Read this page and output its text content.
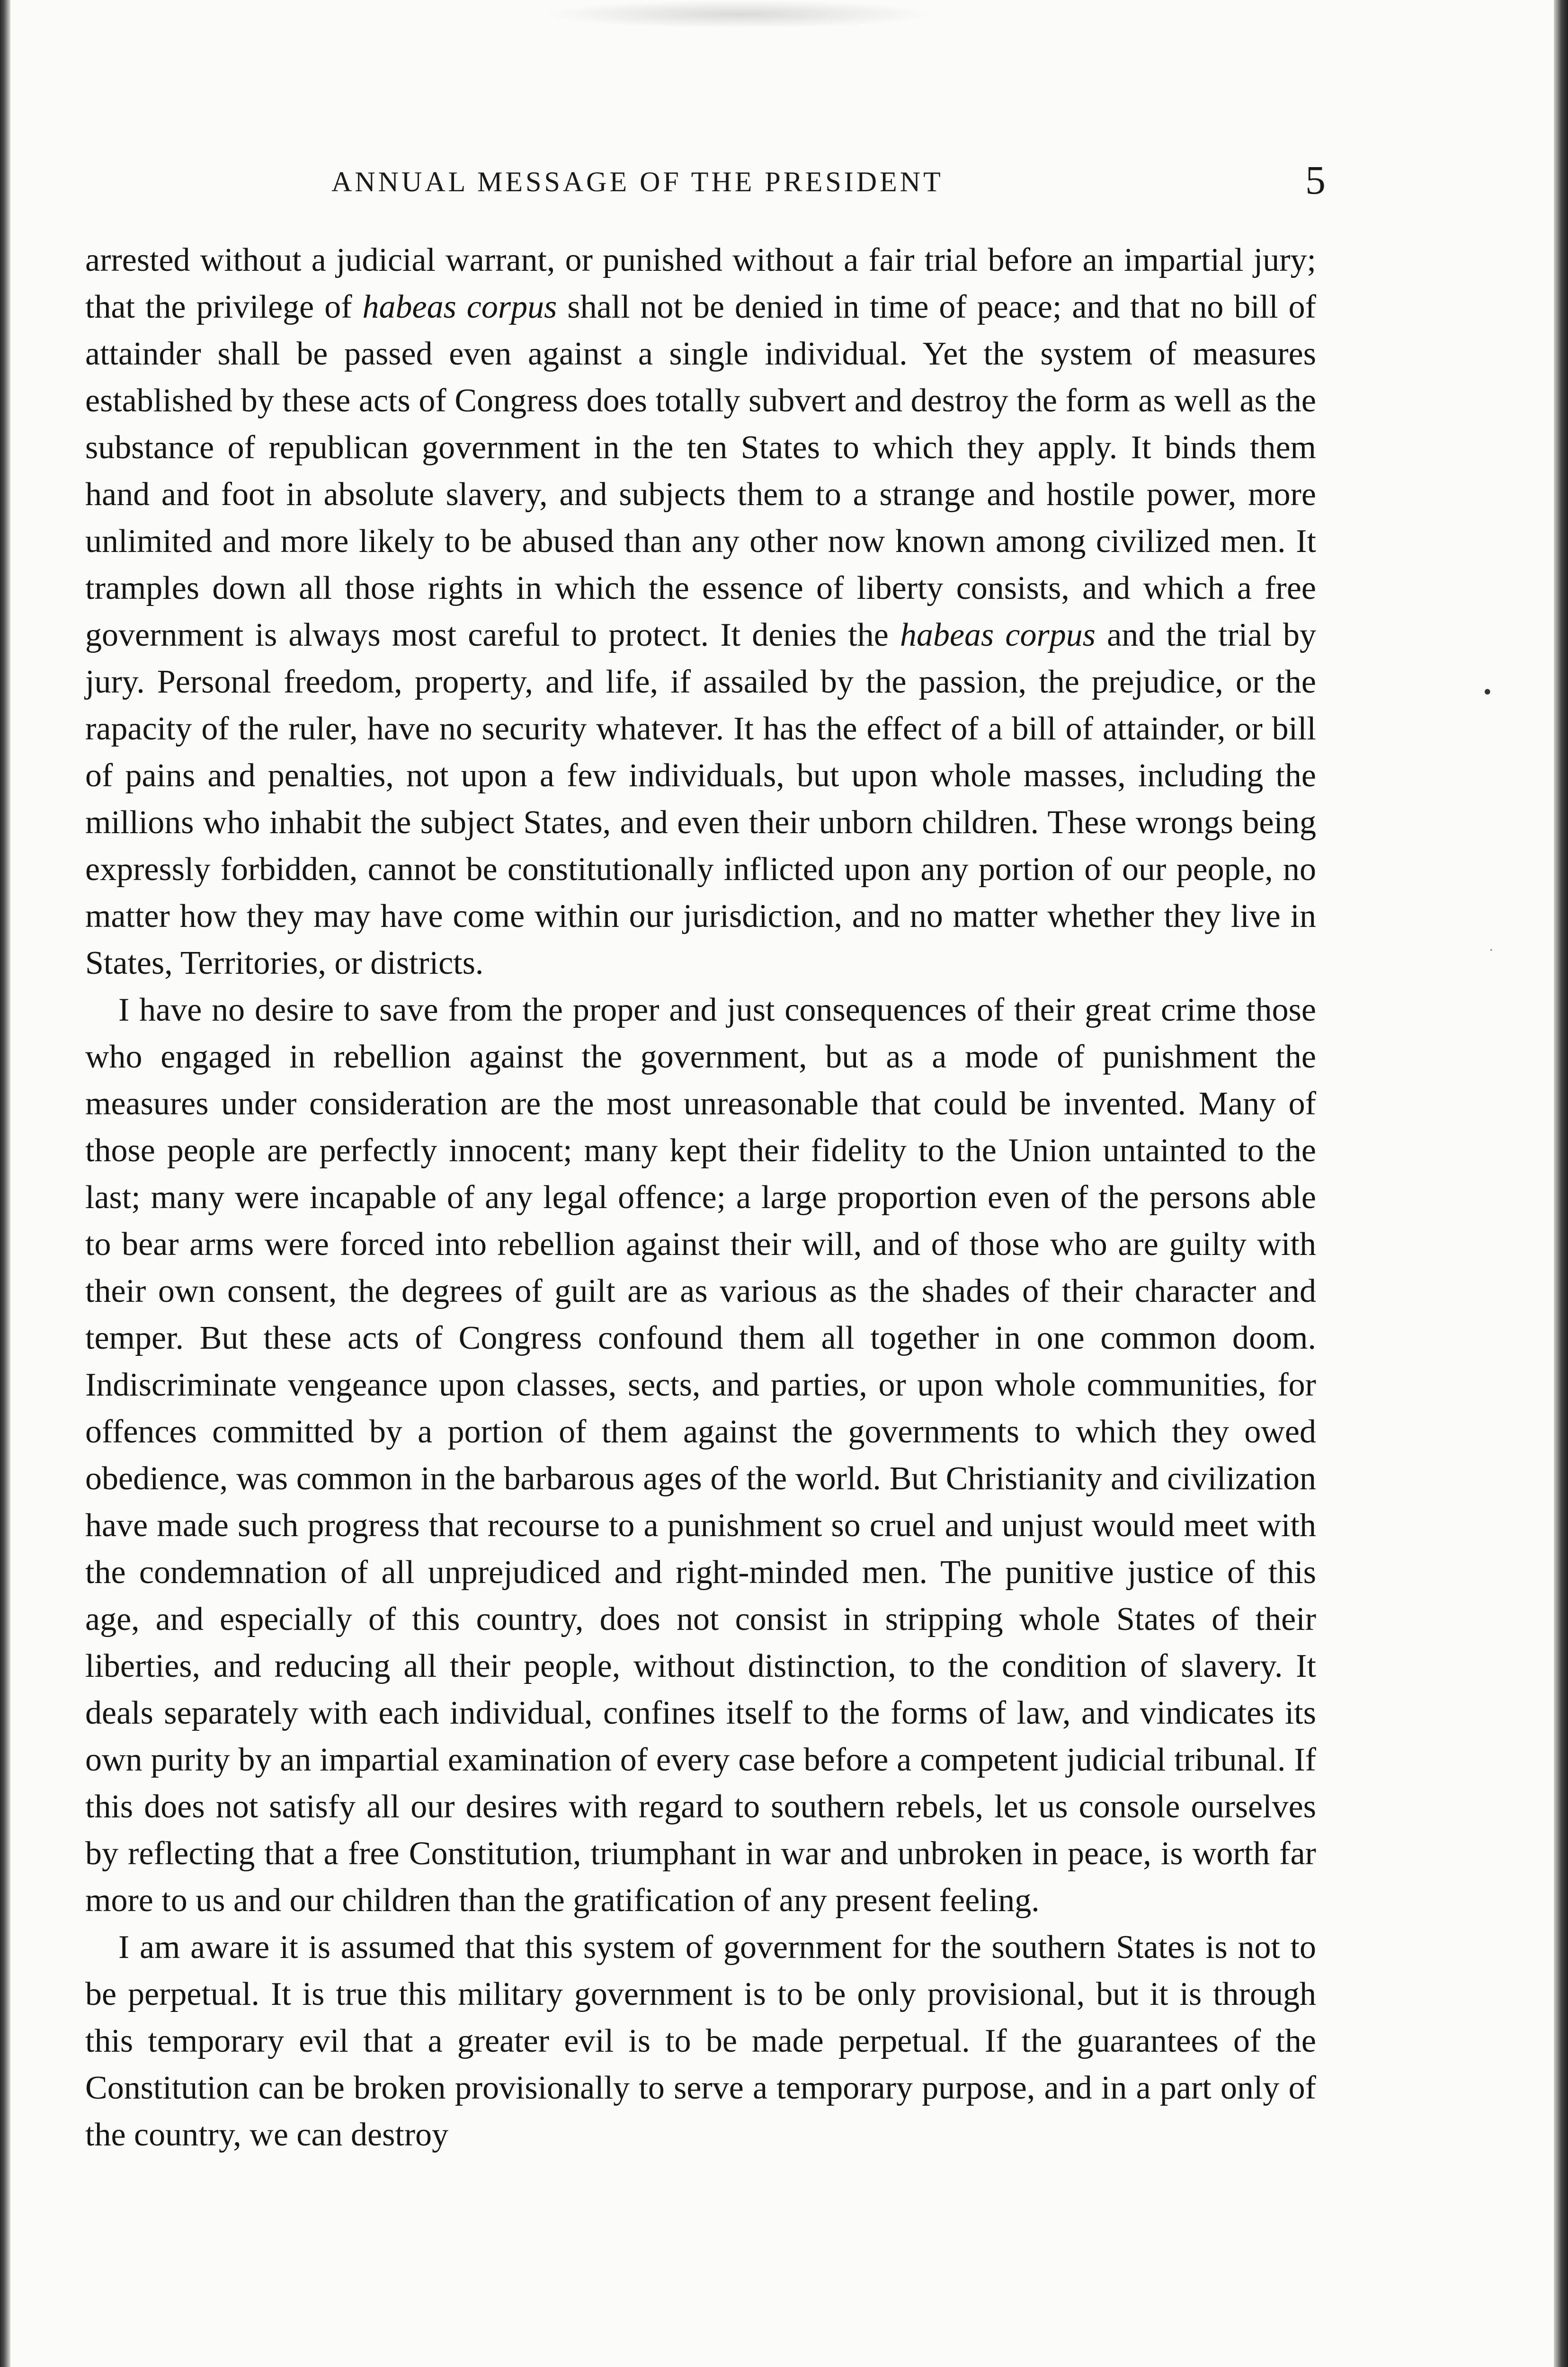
ANNUAL MESSAGE OF THE PRESIDENT	5

arrested without a judicial warrant, or punished without a fair trial before an impartial jury; that the privilege of habeas corpus shall not be denied in time of peace; and that no bill of attainder shall be passed even against a single individual. Yet the system of measures established by these acts of Congress does totally subvert and destroy the form as well as the substance of republican government in the ten States to which they apply. It binds them hand and foot in absolute slavery, and subjects them to a strange and hostile power, more unlimited and more likely to be abused than any other now known among civilized men. It tramples down all those rights in which the essence of liberty consists, and which a free government is always most careful to protect. It denies the habeas corpus and the trial by jury. Personal freedom, property, and life, if assailed by the passion, the prejudice, or the rapacity of the ruler, have no security whatever. It has the effect of a bill of attainder, or bill of pains and penalties, not upon a few individuals, but upon whole masses, including the millions who inhabit the subject States, and even their unborn children. These wrongs being expressly forbidden, cannot be constitutionally inflicted upon any portion of our people, no matter how they may have come within our jurisdiction, and no matter whether they live in States, Territories, or districts.

I have no desire to save from the proper and just consequences of their great crime those who engaged in rebellion against the government, but as a mode of punishment the measures under consideration are the most unreasonable that could be invented. Many of those people are perfectly innocent; many kept their fidelity to the Union untainted to the last; many were incapable of any legal offence; a large proportion even of the persons able to bear arms were forced into rebellion against their will, and of those who are guilty with their own consent, the degrees of guilt are as various as the shades of their character and temper. But these acts of Congress confound them all together in one common doom. Indiscriminate vengeance upon classes, sects, and parties, or upon whole communities, for offences committed by a portion of them against the governments to which they owed obedience, was common in the barbarous ages of the world. But Christianity and civilization have made such progress that recourse to a punishment so cruel and unjust would meet with the condemnation of all unprejudiced and right-minded men. The punitive justice of this age, and especially of this country, does not consist in stripping whole States of their liberties, and reducing all their people, without distinction, to the condition of slavery. It deals separately with each individual, confines itself to the forms of law, and vindicates its own purity by an impartial examination of every case before a competent judicial tribunal. If this does not satisfy all our desires with regard to southern rebels, let us console ourselves by reflecting that a free Constitution, triumphant in war and unbroken in peace, is worth far more to us and our children than the gratification of any present feeling.

I am aware it is assumed that this system of government for the southern States is not to be perpetual. It is true this military government is to be only provisional, but it is through this temporary evil that a greater evil is to be made perpetual. If the guarantees of the Constitution can be broken provisionally to serve a temporary purpose, and in a part only of the country, we can destroy

•
·
